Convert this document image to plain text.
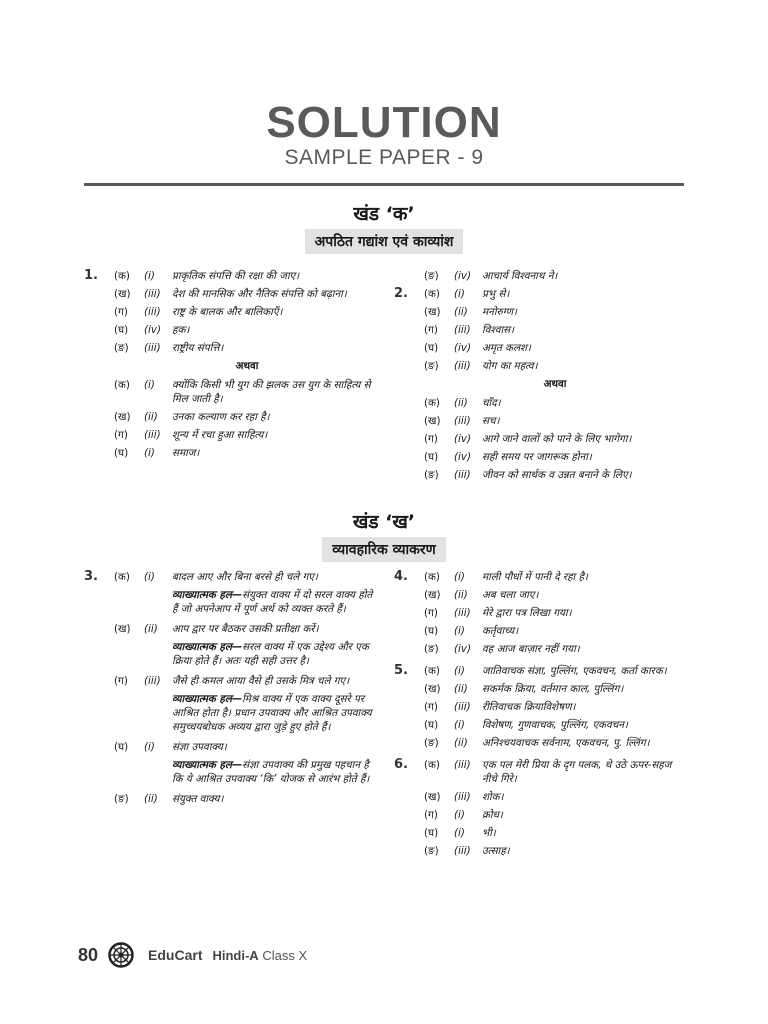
SOLUTION
SAMPLE PAPER - 9
खंड ‘क’
अपठित गद्यांश एवं काव्यांश
1.	(क)	(i)	प्राकृतिक संपत्ति की रक्षा की जाए।
(ख)	(iii)	देश की मानसिक और नैतिक संपत्ति को बढ़ाना।
(ग)	(iii)	राष्ट्र के बालक और बालिकाएँ।
(घ)	(iv)	हक।
(ङ)	(iii)	राष्ट्रीय संपत्ति।
अथवा
(क)	(i)	क्योंकि किसी भी युग की झलक उस युग के साहित्य से मिल जाती है।
(ख)	(ii)	उनका कल्याण कर रहा है।
(ग)	(iii)	शून्य में रचा हुआ साहित्य।
(घ)	(i)	समाज।
(ङ)	(iv)	आचार्य विश्वनाथ ने।
2.	(क)	(i)	प्रभु से।
(ख)	(ii)	मनोरुग्ण।
(ग)	(iii)	विश्वास।
(घ)	(iv)	अमृत कलश।
(ङ)	(iii)	योग का महत्व।
अथवा
(क)	(ii)	चाँद।
(ख)	(iii)	सच।
(ग)	(iv)	आगे जाने वालों को पाने के लिए भागेगा।
(घ)	(iv)	सही समय पर जागरूक होना।
(ङ)	(iii)	जीवन को सार्थक व उन्नत बनाने के लिए।
खंड ‘ख’
व्यावहारिक व्याकरण
3.	(क)	(i)	बादल आए और बिना बरसे ही चले गए।
व्याख्यात्मक हल—संयुक्त वाक्य में दो सरल वाक्य होते हैं जो अपनेआप में पूर्ण अर्थ को व्यक्त करते हैं।
(ख)	(ii)	आप द्वार पर बैठकर उसकी प्रतीक्षा करें।
व्याख्यात्मक हल—सरल वाक्य में एक उद्देश्य और एक क्रिया होते हैं। अतः यही सही उत्तर है।
(ग)	(iii)	जैसे ही कमल आया वैसे ही उसके मित्र चले गए।
व्याख्यात्मक हल—मिश्र वाक्य में एक वाक्य दूसरे पर आश्रित होता है। प्रधान उपवाक्य और आश्रित उपवाक्य समुच्चयबोधक अव्यय द्वारा जुड़े हुए होते हैं।
(घ)	(i)	संज्ञा उपवाक्य।
व्याख्यात्मक हल—संज्ञा उपवाक्य की प्रमुख पहचान है कि ये आश्रित उपवाक्य ‘कि’ योजक से आरंभ होते हैं।
(ङ)	(ii)	संयुक्त वाक्य।
4.	(क)	(i)	माली पौधों में पानी दे रहा है।
(ख)	(ii)	अब चला जाए।
(ग)	(iii)	मेरे द्वारा पत्र लिखा गया।
(घ)	(i)	कर्तृवाच्य।
(ङ)	(iv)	वह आज बाज़ार नहीं गया।
5.	(क)	(i)	जातिवाचक संज्ञा, पुल्लिंग, एकवचन, कर्ता कारक।
(ख)	(ii)	सकर्मक क्रिया, वर्तमान काल, पुल्लिंग।
(ग)	(iii)	रीतिवाचक क्रियाविशेषण।
(घ)	(i)	विशेषण, गुणवाचक, पुल्लिंग, एकवचन।
(ङ)	(ii)	अनिश्चयवाचक सर्वनाम, एकवचन, पु. ल्लिंग।
6.	(क)	(iii)	एक पल मेरी प्रिया के दृग पलक, थे उठे ऊपर-सहज नीचे गिरे।
(ख)	(iii)	शोक।
(ग)	(i)	क्रोध।
(घ)	(i)	भी।
(ङ)	(iii)	उत्साह।
80	EduCart Hindi-A Class X
